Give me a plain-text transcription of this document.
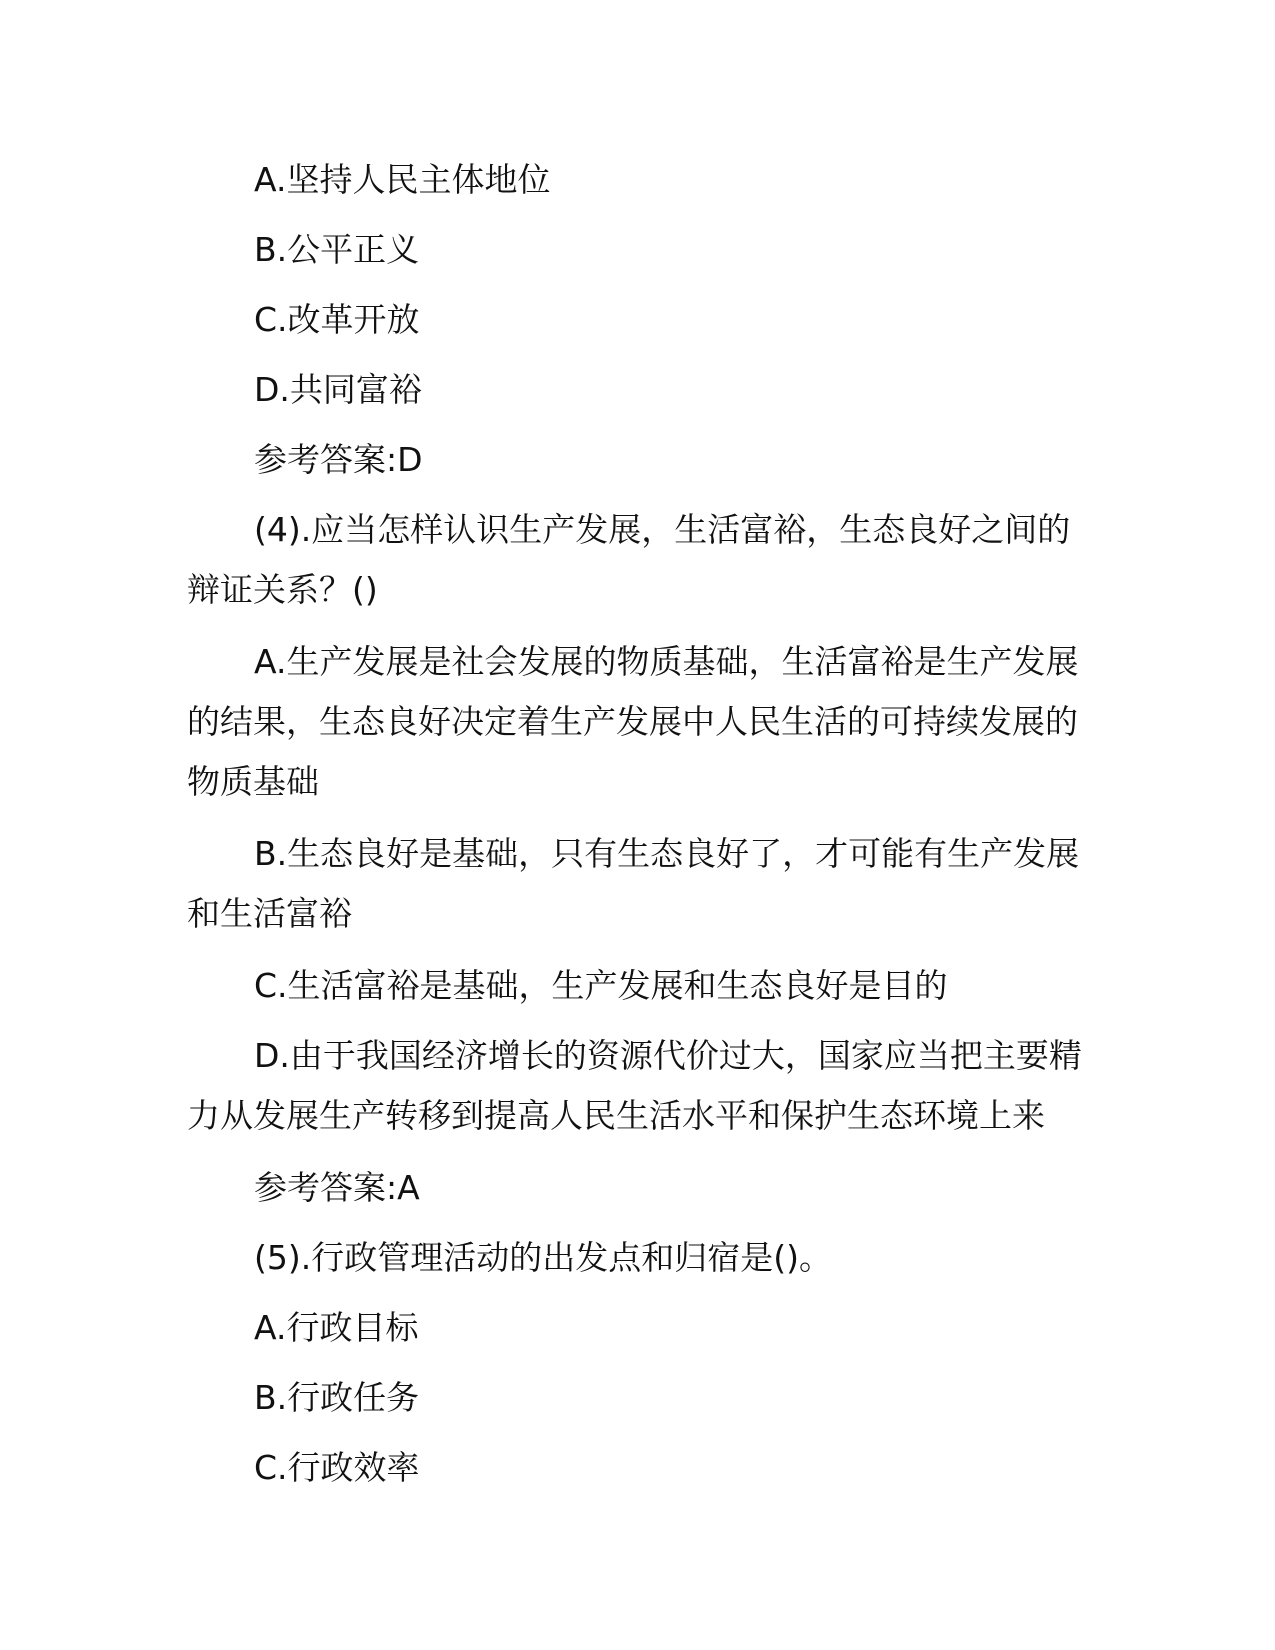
A.坚持人民主体地位

B.公平正义

C.改革开放

D.共同富裕

参考答案:D

(4).应当怎样认识生产发展，生活富裕，生态良好之间的辩证关系？()

A.生产发展是社会发展的物质基础，生活富裕是生产发展的结果，生态良好决定着生产发展中人民生活的可持续发展的物质基础

B.生态良好是基础，只有生态良好了，才可能有生产发展和生活富裕

C.生活富裕是基础，生产发展和生态良好是目的

D.由于我国经济增长的资源代价过大，国家应当把主要精力从发展生产转移到提高人民生活水平和保护生态环境上来

参考答案:A

(5).行政管理活动的出发点和归宿是()。

A.行政目标

B.行政任务

C.行政效率
